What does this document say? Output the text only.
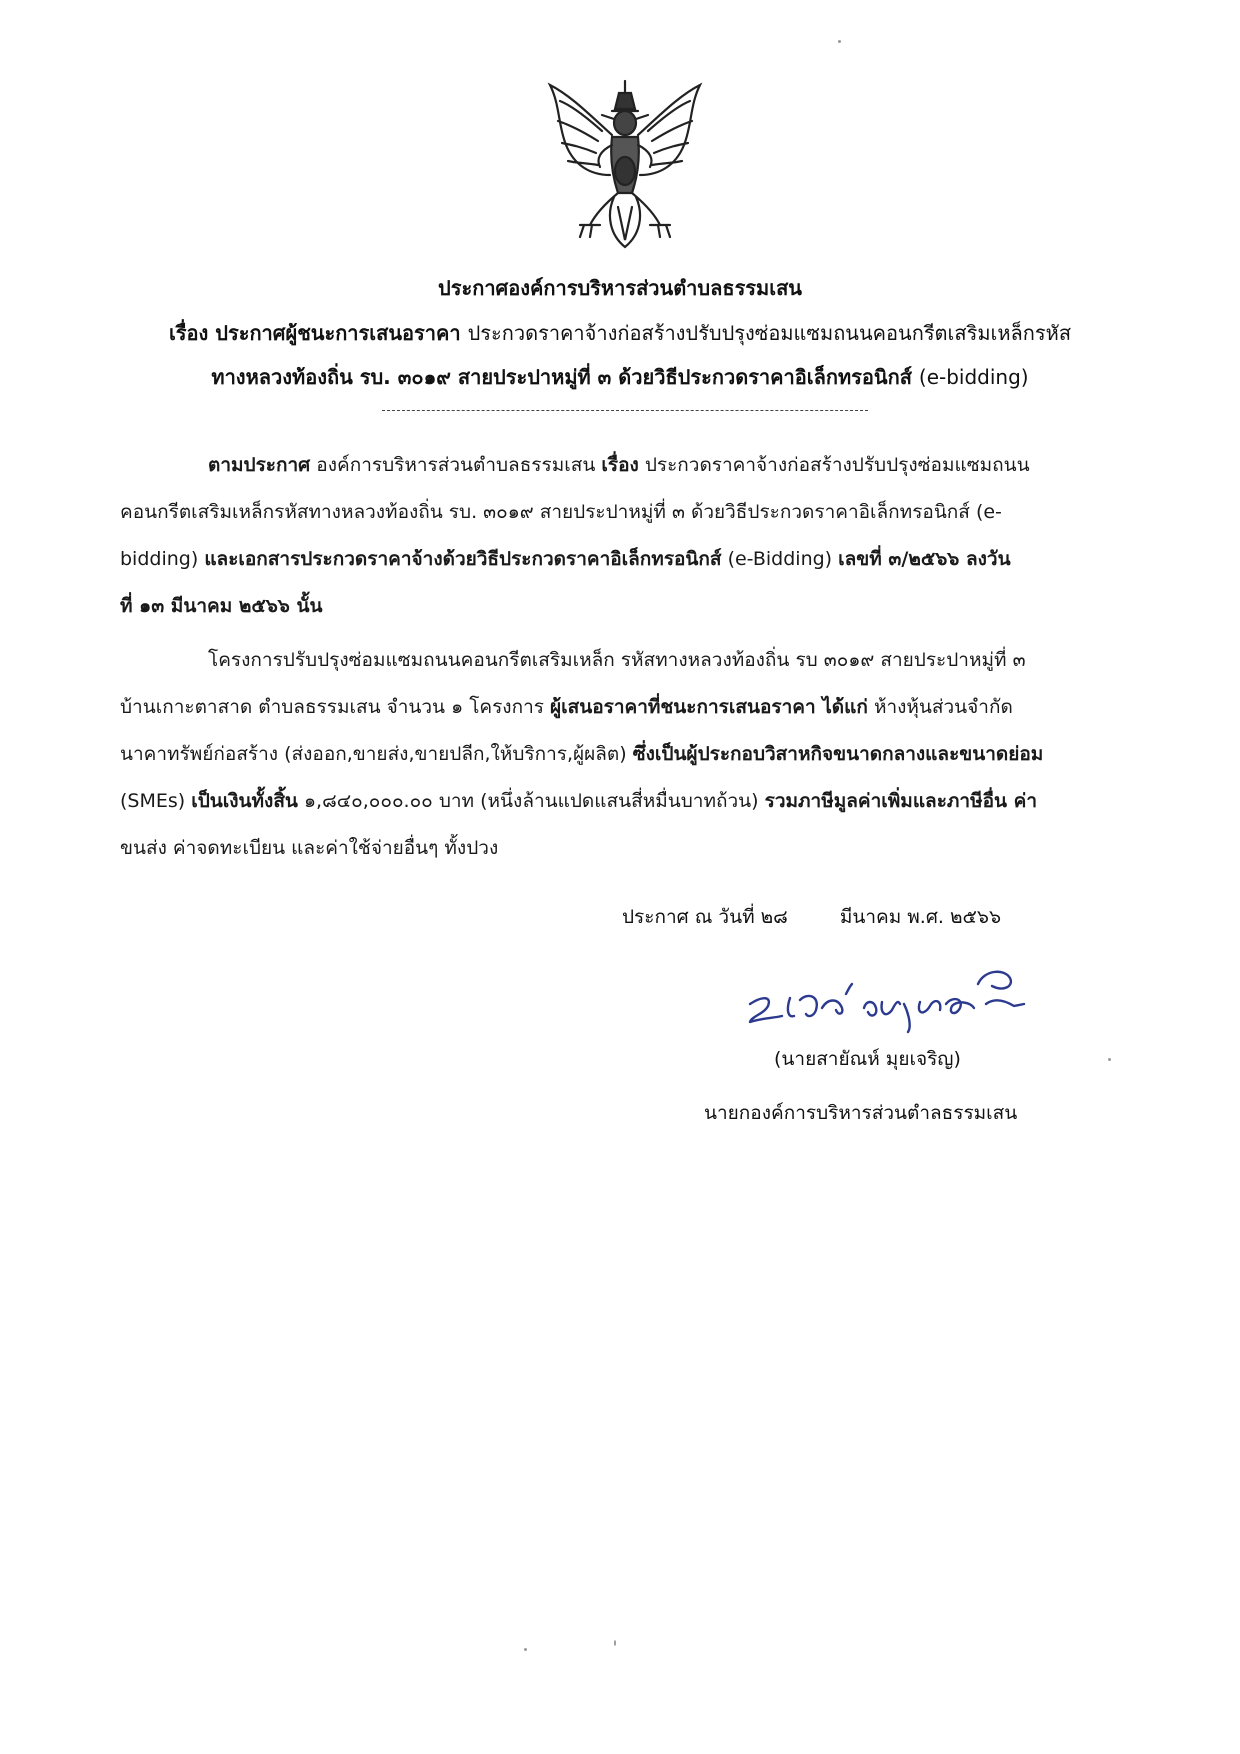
ประกาศองค์การบริหารส่วนตำบลธรรมเสน
เรื่อง ประกาศผู้ชนะการเสนอราคา ประกวดราคาจ้างก่อสร้างปรับปรุงซ่อมแซมถนนคอนกรีตเสริมเหล็กรหัส
ทางหลวงท้องถิ่น รบ. ๓๐๑๙ สายประปาหมู่ที่ ๓ ด้วยวิธีประกวดราคาอิเล็กทรอนิกส์ (e-bidding)
ตามประกาศ องค์การบริหารส่วนตำบลธรรมเสน เรื่อง ประกวดราคาจ้างก่อสร้างปรับปรุงซ่อมแซมถนน
คอนกรีตเสริมเหล็กรหัสทางหลวงท้องถิ่น รบ. ๓๐๑๙ สายประปาหมู่ที่ ๓ ด้วยวิธีประกวดราคาอิเล็กทรอนิกส์ (e-
bidding) และเอกสารประกวดราคาจ้างด้วยวิธีประกวดราคาอิเล็กทรอนิกส์ (e-Bidding) เลขที่ ๓/๒๕๖๖ ลงวัน
ที่ ๑๓ มีนาคม ๒๕๖๖ นั้น
โครงการปรับปรุงซ่อมแซมถนนคอนกรีตเสริมเหล็ก รหัสทางหลวงท้องถิ่น รบ ๓๐๑๙ สายประปาหมู่ที่ ๓
บ้านเกาะตาสาด ตำบลธรรมเสน จำนวน ๑ โครงการ ผู้เสนอราคาที่ชนะการเสนอราคา ได้แก่ ห้างหุ้นส่วนจำกัด
นาคาทรัพย์ก่อสร้าง (ส่งออก,ขายส่ง,ขายปลีก,ให้บริการ,ผู้ผลิต) ซึ่งเป็นผู้ประกอบวิสาหกิจขนาดกลางและขนาดย่อม
(SMEs) เป็นเงินทั้งสิ้น ๑,๘๔๐,๐๐๐.๐๐ บาท (หนึ่งล้านแปดแสนสี่หมื่นบาทถ้วน) รวมภาษีมูลค่าเพิ่มและภาษีอื่น ค่า
ขนส่ง ค่าจดทะเบียน และค่าใช้จ่ายอื่นๆ ทั้งปวง
ประกาศ ณ วันที่ ๒๘	มีนาคม พ.ศ. ๒๕๖๖
(นายสายัณห์ มุยเจริญ)
นายกองค์การบริหารส่วนตำลธรรมเสน
